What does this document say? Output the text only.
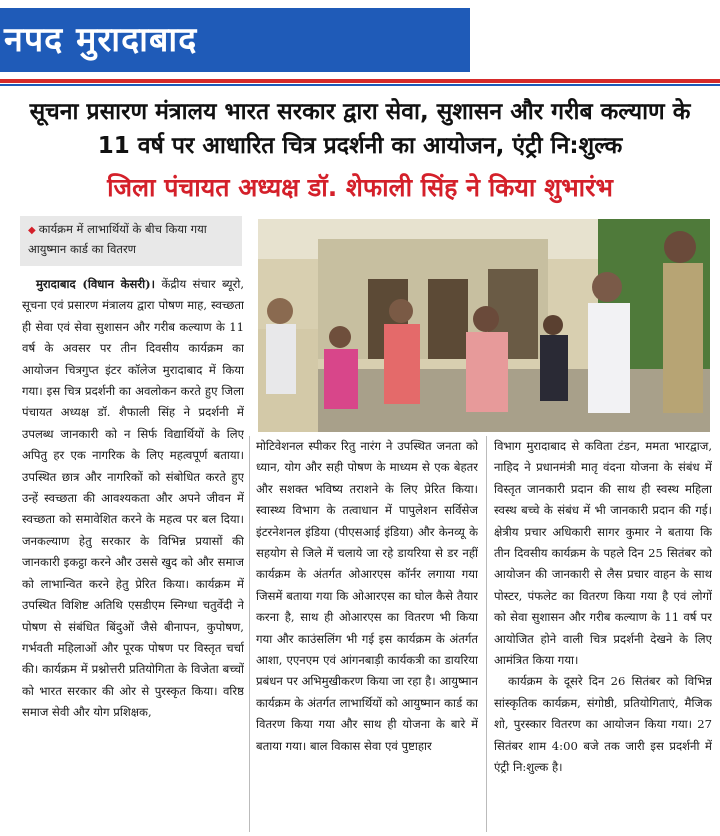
नपद मुरादाबाद
सूचना प्रसारण मंत्रालय भारत सरकार द्वारा सेवा, सुशासन और गरीब कल्याण के 11 वर्ष पर आधारित चित्र प्रदर्शनी का आयोजन, एंट्री नि:शुल्क
जिला पंचायत अध्यक्ष डॉ. शेफाली सिंह ने किया शुभारंभ
◆ कार्यक्रम में लाभार्थियों के बीच किया गया आयुष्मान कार्ड का वितरण

मुरादाबाद (विधान केसरी)। केंद्रीय संचार ब्यूरो, सूचना एवं प्रसारण मंत्रालय द्वारा पोषण माह, स्वच्छता ही सेवा एवं सेवा सुशासन और गरीब कल्याण के 11 वर्ष के अवसर पर तीन दिवसीय कार्यक्रम का आयोजन चित्रगुप्त इंटर कॉलेज मुरादाबाद में किया गया। इस चित्र प्रदर्शनी का अवलोकन करते हुए जिला पंचायत अध्यक्ष डॉ. शैफाली सिंह ने प्रदर्शनी में उपलब्ध जानकारी को न सिर्फ विद्यार्थियों के लिए अपितु हर एक नागरिक के लिए महत्वपूर्ण बताया। उपस्थित छात्र और नागरिकों को संबोधित करते हुए उन्हें स्वच्छता की आवश्यकता और अपने जीवन में स्वच्छता को समावेशित करने के महत्व पर बल दिया। जनकल्याण हेतु सरकार के विभिन्न प्रयासों की जानकारी इकट्ठा करने और उससे खुद को और समाज को लाभान्वित करने हेतु प्रेरित किया। कार्यक्रम में उपस्थित विशिष्ट अतिथि एसडीएम स्निग्धा चतुर्वेदी ने पोषण से संबंधित बिंदुओं जैसे बीनापन, कुपोषण, गर्भवती महिलाओं और पूरक पोषण पर विस्तृत चर्चा की। कार्यक्रम में प्रश्नोत्तरी प्रतियोगिता के विजेता बच्चों को भारत सरकार की ओर से पुरस्कृत किया। वरिष्ठ समाज सेवी और योग प्रशिक्षक,

मोटिवेशनल स्पीकर रितु नारंग ने उपस्थित जनता को ध्यान, योग और सही पोषण के माध्यम से एक बेहतर और सशक्त भविष्य तराशने के लिए प्रेरित किया। स्वास्थ्य विभाग के तत्वाधान में पापुलेशन सर्विसेज इंटरनेशनल इंडिया (पीएसआई इंडिया) और केनव्यू के सहयोग से जिले में चलाये जा रहे डायरिया से डर नहीं कार्यक्रम के अंतर्गत ओआरएस कॉर्नर लगाया गया जिसमें बताया गया कि ओआरएस का घोल कैसे तैयार करना है, साथ ही ओआरएस का वितरण भी किया गया और काउंसलिंग भी गई इस कार्यक्रम के अंतर्गत आशा, एएनएम एवं आंगनबाड़ी कार्यकत्री का डायरिया प्रबंधन पर अभिमुखीकरण किया जा रहा है। आयुष्मान कार्यक्रम के अंतर्गत लाभार्थियों को आयुष्मान कार्ड का वितरण किया गया और साथ ही योजना के बारे में बताया गया। बाल विकास सेवा एवं पुष्टाहार

विभाग मुरादाबाद से कविता टंडन, ममता भारद्वाज, नाहिद ने प्रधानमंत्री मातृ वंदना योजना के संबंध में विस्तृत जानकारी प्रदान की साथ ही स्वस्थ महिला स्वस्थ बच्चे के संबंध में भी जानकारी प्रदान की गई। क्षेत्रीय प्रचार अधिकारी सागर कुमार ने बताया कि तीन दिवसीय कार्यक्रम के पहले दिन 25 सितंबर को आयोजन की जानकारी से लैस प्रचार वाहन के साथ पोस्टर, पंफलेट का वितरण किया गया है एवं लोगों को सेवा सुशासन और गरीब कल्याण के 11 वर्ष पर आयोजित होने वाली चित्र प्रदर्शनी देखने के लिए आमंत्रित किया गया।

कार्यक्रम के दूसरे दिन 26 सितंबर को विभिन्न सांस्कृतिक कार्यक्रम, संगोष्ठी, प्रतियोगिताएं, मैजिक शो, पुरस्कार वितरण का आयोजन किया गया। 27 सितंबर शाम 4:00 बजे तक जारी इस प्रदर्शनी में एंट्री नि:शुल्क है।
